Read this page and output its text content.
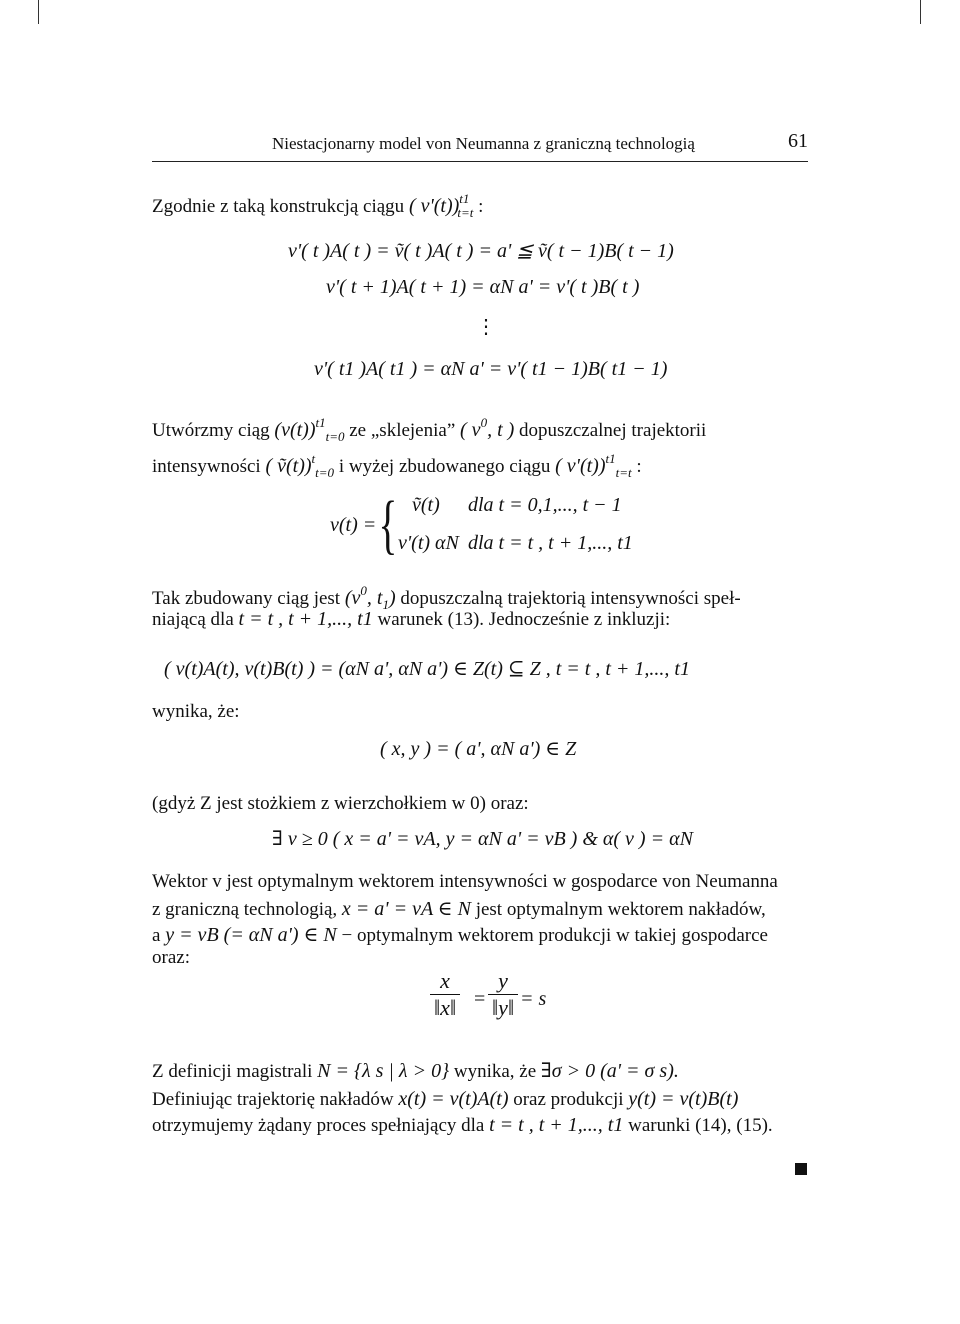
Niestacjonarny model von Neumanna z graniczną technologią	61
Zgodnie z taką konstrukcją ciągu ( v'(t))$^{t1}_{t=t}$ :
v'( t )A( t ) = ṽ( t )A( t ) = a' ≦ ṽ( t − 1)B( t − 1)
v'( t + 1)A( t + 1) = αN a' = v'( t )B( t )
⋮
v'( t1 )A( t1 ) = αN a' = v'( t1 − 1)B( t1 − 1)
Utwórzmy ciąg $(v(t))^{t1}_{t=0}$ ze „sklejenia” ( $v^0$, t ) dopuszczalnej trajektorii
intensywności ( ṽ(t))$^t_{t=0}$ i wyżej zbudowanego ciągu ( v'(t))$^{t1}_{t=t}$ :
v(t) = { ṽ(t) dla t = 0,1,..., t − 1
v'(t) αN dla t = t , t + 1,..., t1
Tak zbudowany ciąg jest ($v^0$, $t_1$) dopuszczalną trajektorią intensywności speł-
niającą dla t = t , t + 1,..., t1 warunek (13). Jednocześnie z inkluzji:
( v(t)A(t), v(t)B(t) ) = (αN a', αN a') ∈ Z(t) ⊆ Z , t = t , t + 1,..., t1
wynika, że:
( x, y ) = ( a', αN a') ∈ Z
(gdyż Z jest stożkiem z wierzchołkiem w 0) oraz:
∃ v ≥ 0 ( x = a' = vA, y = αN a' = vB ) & α( v ) = αN
Wektor v jest optymalnym wektorem intensywności w gospodarce von Neumanna
z graniczną technologią, x = a' = vA ∈ N jest optymalnym wektorem nakładów,
a y = vB (= αN a') ∈ N − optymalnym wektorem produkcji w takiej gospodarce
oraz:
$\frac{x}{‖x‖} = \frac{y}{‖y‖} = s$
Z definicji magistrali N = {λ s | λ > 0} wynika, że ∃σ > 0 (a' = σ s).
Definiując trajektorię nakładów x(t) = v(t)A(t) oraz produkcji y(t) = v(t)B(t)
otrzymujemy żądany proces spełniający dla t = t , t + 1,..., t1 warunki (14), (15).
